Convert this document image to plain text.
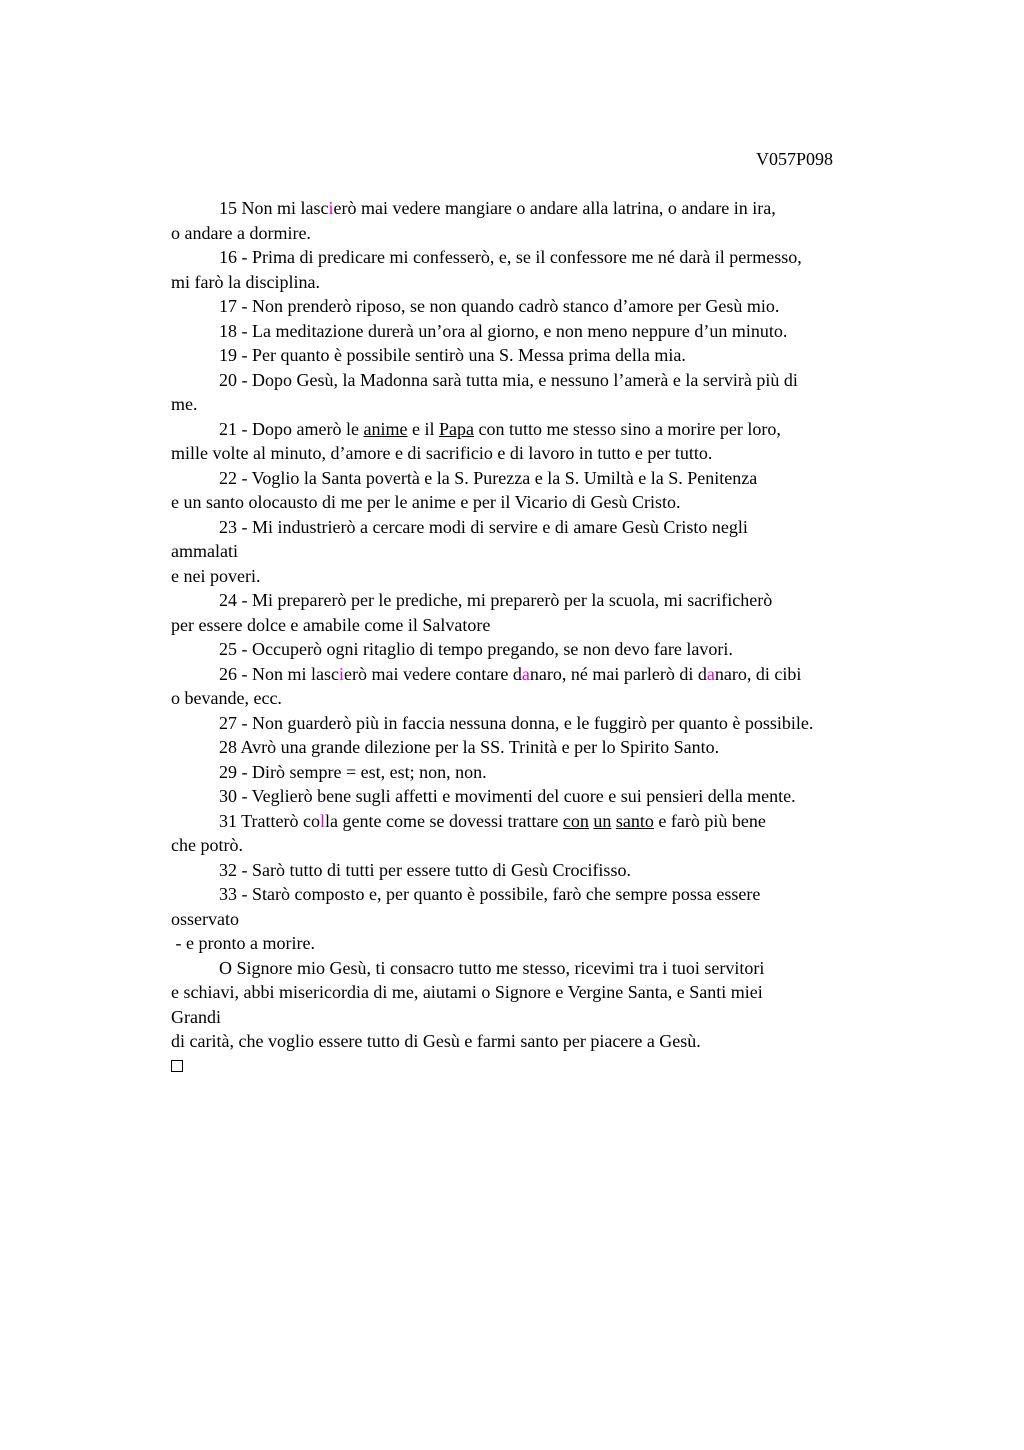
V057P098
15 Non mi lascierò mai vedere mangiare o andare alla latrina, o andare in ira,
o andare a dormire.
16 - Prima di predicare mi confesserò, e, se il confessore me né darà il permesso,
mi farò la disciplina.
17 - Non prenderò riposo, se non quando cadrò stanco d’amore per Gesù mio.
18 - La meditazione durerà un’ora al giorno, e non meno neppure d’un minuto.
19 - Per quanto è possibile sentirò una S. Messa prima della mia.
20 - Dopo Gesù, la Madonna sarà tutta mia, e nessuno l’amerà e la servirà più di
me.
21 - Dopo amerò le anime e il Papa con tutto me stesso sino a morire per loro,
mille volte al minuto, d’amore e di sacrificio e di lavoro in tutto e per tutto.
22 - Voglio la Santa povertà e la S. Purezza e la S. Umiltà e la S. Penitenza
e un santo olocausto di me per le anime e per il Vicario di Gesù Cristo.
23 - Mi industrierò a cercare modi di servire e di amare Gesù Cristo negli
ammalati
e nei poveri.
24 - Mi preparerò per le prediche, mi preparerò per la scuola, mi sacrificherò
per essere dolce e amabile come il Salvatore
25 - Occuperò ogni ritaglio di tempo pregando, se non devo fare lavori.
26 - Non mi lascierò mai vedere contare danaro, né mai parlerò di danaro, di cibi
o bevande, ecc.
27 - Non guarderò più in faccia nessuna donna, e le fuggirò per quanto è possibile.
28 Avrò una grande dilezione per la SS. Trinità e per lo Spirito Santo.
29 - Dirò sempre = est, est; non, non.
30 - Veglierò bene sugli affetti e movimenti del cuore e sui pensieri della mente.
31 Tratterò colla gente come se dovessi trattare con un santo e farò più bene
che potrò.
32 - Sarò tutto di tutti per essere tutto di Gesù Crocifisso.
33 - Starò composto e, per quanto è possibile, farò che sempre possa essere
osservato
- e pronto a morire.
O Signore mio Gesù, ti consacro tutto me stesso, ricevimi tra i tuoi servitori
e schiavi, abbi misericordia di me, aiutami o Signore e Vergine Santa, e Santi miei
Grandi
di carità, che voglio essere tutto di Gesù e farmi santo per piacere a Gesù.
